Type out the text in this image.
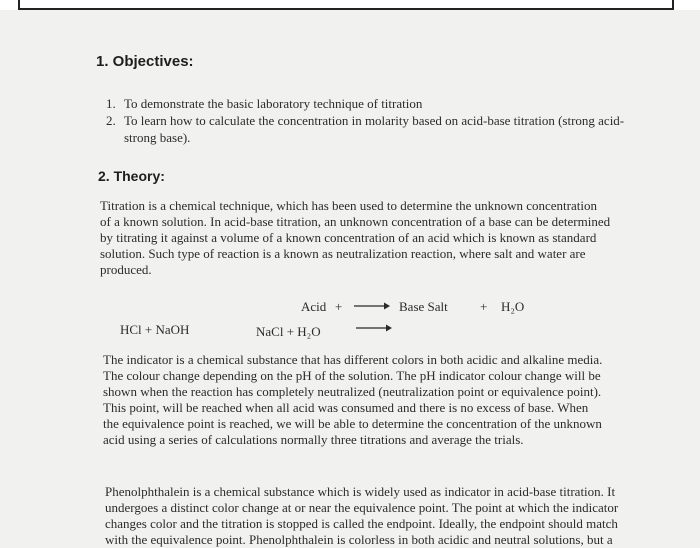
1. Objectives:
1. To demonstrate the basic laboratory technique of titration
2. To learn how to calculate the concentration in molarity based on acid-base titration (strong acid-
strong base).
2. Theory:
Titration is a chemical technique, which has been used to determine the unknown concentration
of a known solution. In acid-base titration, an unknown concentration of a base can be determined
by titrating it against a volume of a known concentration of an acid which is known as standard
solution. Such type of reaction is a known as neutralization reaction, where salt and water are
produced.
Acid +	Base Salt + H₂O
HCl + NaOH	NaCl + H₂O
The indicator is a chemical substance that has different colors in both acidic and alkaline media.
The colour change depending on the pH of the solution. The pH indicator colour change will be
shown when the reaction has completely neutralized (neutralization point or equivalence point).
This point, will be reached when all acid was consumed and there is no excess of base. When
the equivalence point is reached, we will be able to determine the concentration of the unknown
acid using a series of calculations normally three titrations and average the trials.
Phenolphthalein is a chemical substance which is widely used as indicator in acid-base titration. It
undergoes a distinct color change at or near the equivalence point. The point at which the indicator
changes color and the titration is stopped is called the endpoint. Ideally, the endpoint should match
with the equivalence point. Phenolphthalein is colorless in both acidic and neutral solutions, but a
